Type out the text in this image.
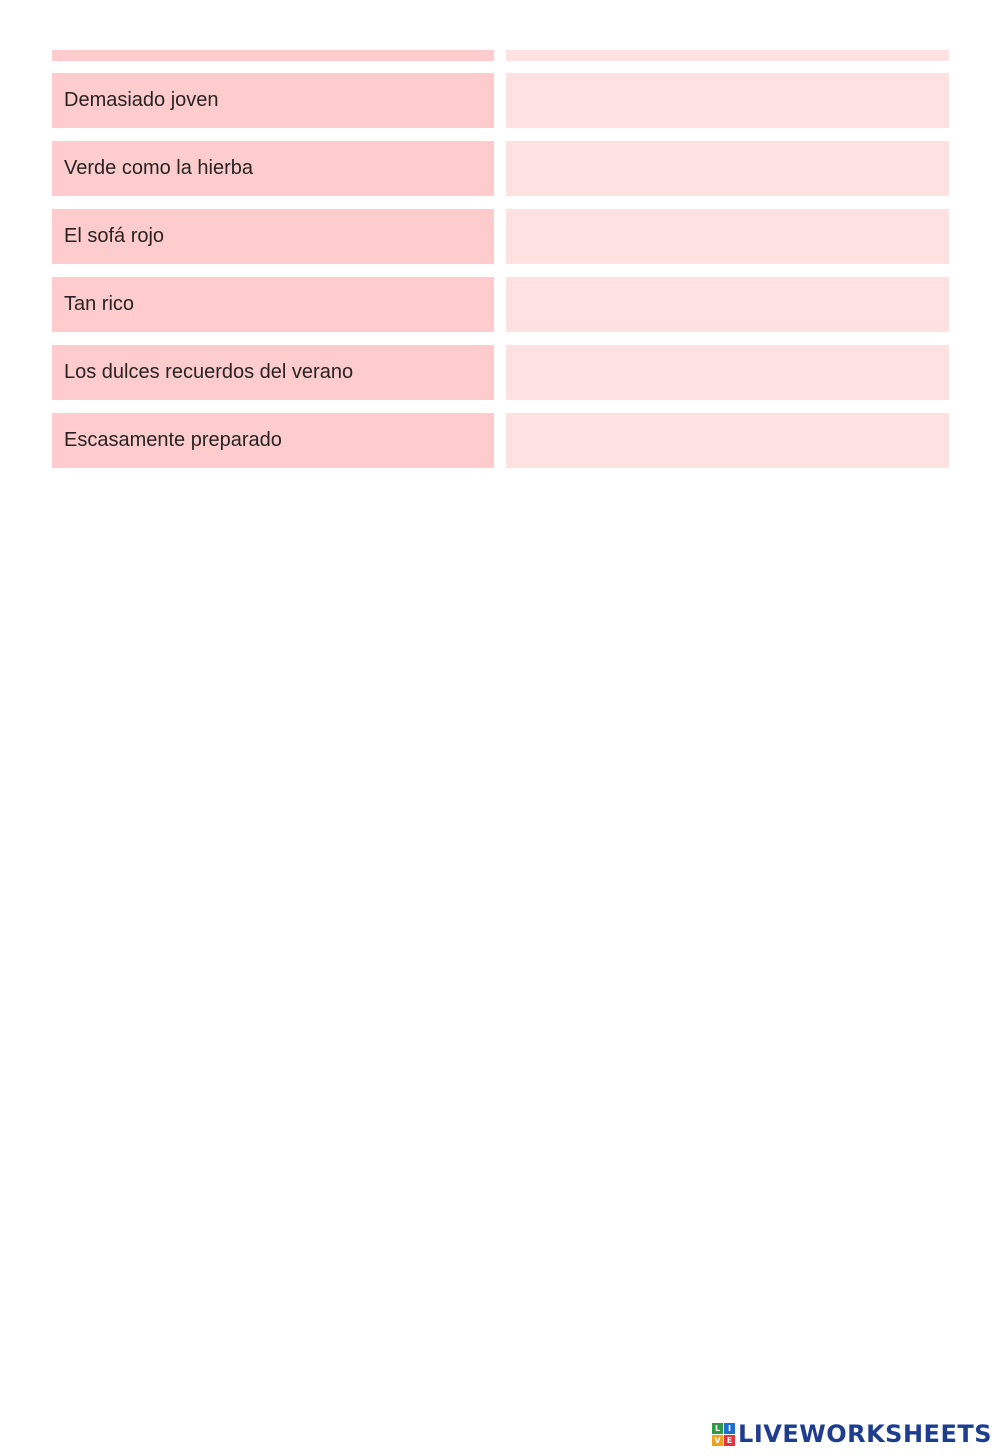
Demasiado joven
Verde como la hierba
El sofá rojo
Tan rico
Los dulces recuerdos del verano
Escasamente preparado
L I
V E LIVEWORKSHEETS
